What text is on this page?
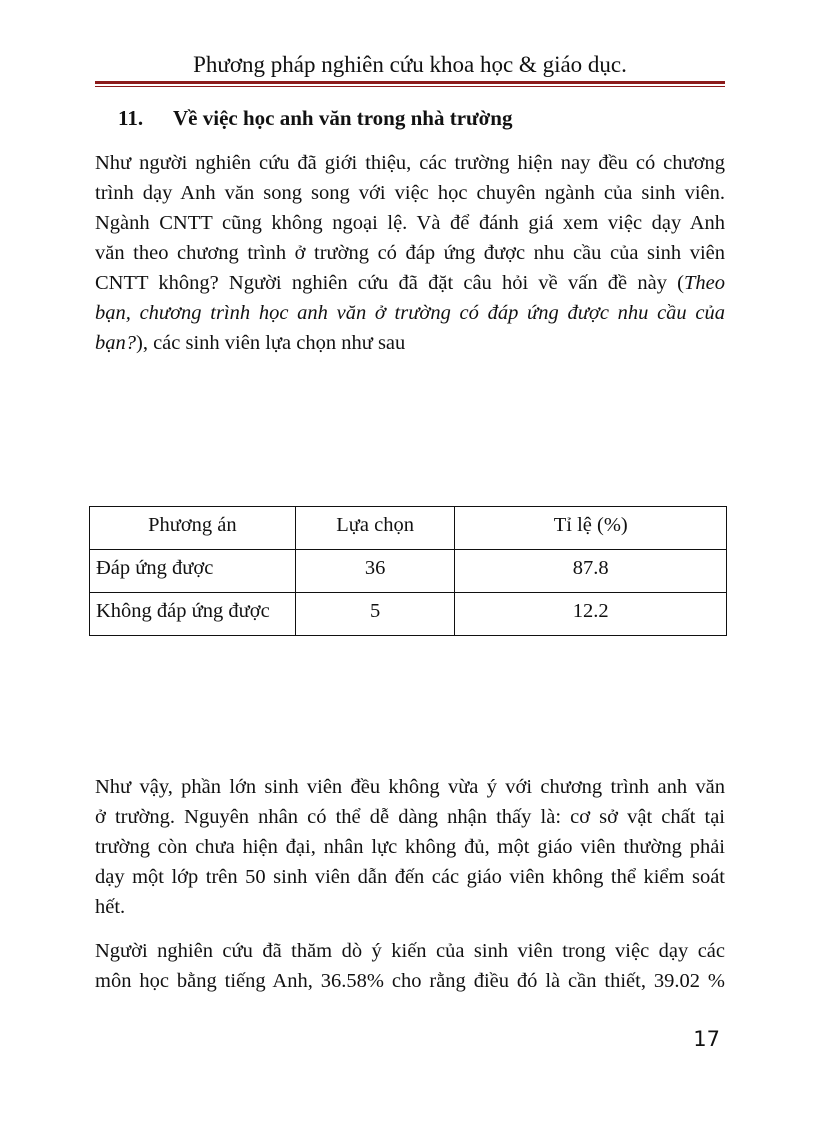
Phương pháp nghiên cứu khoa học & giáo dục.
11. Về việc học anh văn trong nhà trường
Như người nghiên cứu đã giới thiệu, các trường hiện nay đều có chương
trình dạy Anh văn song song với việc học chuyên ngành của sinh viên.
Ngành CNTT cũng không ngoại lệ. Và để đánh giá xem việc dạy Anh
văn theo chương trình ở trường có đáp ứng được nhu cầu của sinh viên
CNTT không? Người nghiên cứu đã đặt câu hỏi về vấn đề này (Theo
bạn, chương trình học anh văn ở trường có đáp ứng được nhu cầu của
bạn?), các sinh viên lựa chọn như sau
Phương án	Lựa chọn	Tỉ lệ (%)
Đáp ứng được	36	87.8
Không đáp ứng được	5	12.2
Như vậy, phần lớn sinh viên đều không vừa ý với chương trình anh văn
ở trường. Nguyên nhân có thể dễ dàng nhận thấy là: cơ sở vật chất tại
trường còn chưa hiện đại, nhân lực không đủ, một giáo viên thường phải
dạy một lớp trên 50 sinh viên dẫn đến các giáo viên không thể kiểm soát
hết.
Người nghiên cứu đã thăm dò ý kiến của sinh viên trong việc dạy các
môn học bằng tiếng Anh, 36.58% cho rằng điều đó là cần thiết, 39.02 %
17
